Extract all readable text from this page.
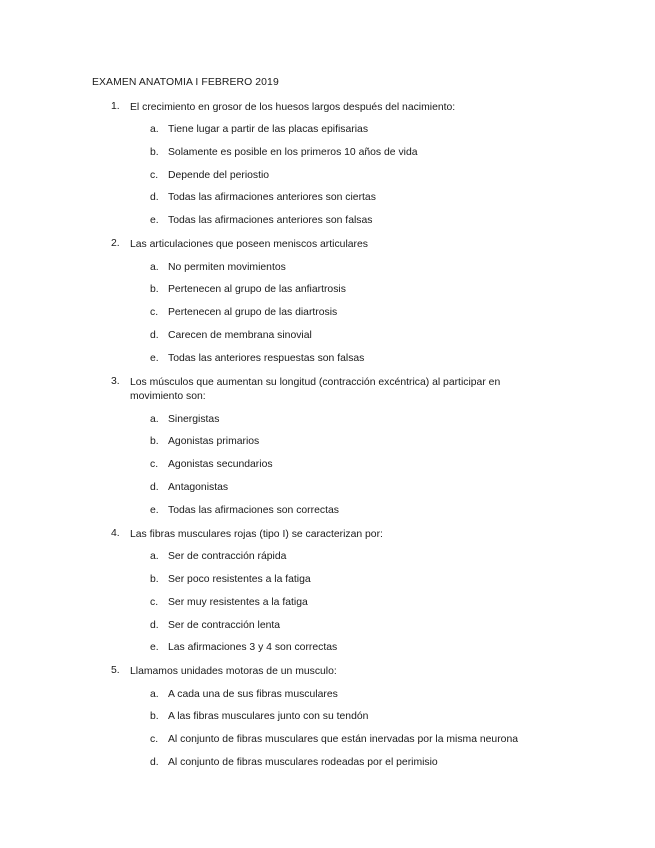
EXAMEN ANATOMIA I FEBRERO 2019
1. El crecimiento en grosor de los huesos largos después del nacimiento:
a. Tiene lugar a partir de las placas epifisarias
b. Solamente es posible en los primeros 10 años de vida
c. Depende del periostio
d. Todas las afirmaciones anteriores son ciertas
e. Todas las afirmaciones anteriores son falsas
2. Las articulaciones que poseen meniscos articulares
a. No permiten movimientos
b. Pertenecen al grupo de las anfiartrosis
c. Pertenecen al grupo de las diartrosis
d. Carecen de membrana sinovial
e. Todas las anteriores respuestas son falsas
3. Los músculos que aumentan su longitud (contracción excéntrica) al participar en movimiento son:
a. Sinergistas
b. Agonistas primarios
c. Agonistas secundarios
d. Antagonistas
e. Todas las afirmaciones son correctas
4. Las fibras musculares rojas (tipo I) se caracterizan por:
a. Ser de contracción rápida
b. Ser poco resistentes a la fatiga
c. Ser muy resistentes a la fatiga
d. Ser de contracción lenta
e. Las afirmaciones 3 y 4 son correctas
5. Llamamos unidades motoras de un musculo:
a. A cada una de sus fibras musculares
b. A las fibras musculares junto con su tendón
c. Al conjunto de fibras musculares que están inervadas por la misma neurona
d. Al conjunto de fibras musculares rodeadas por el perimisio
